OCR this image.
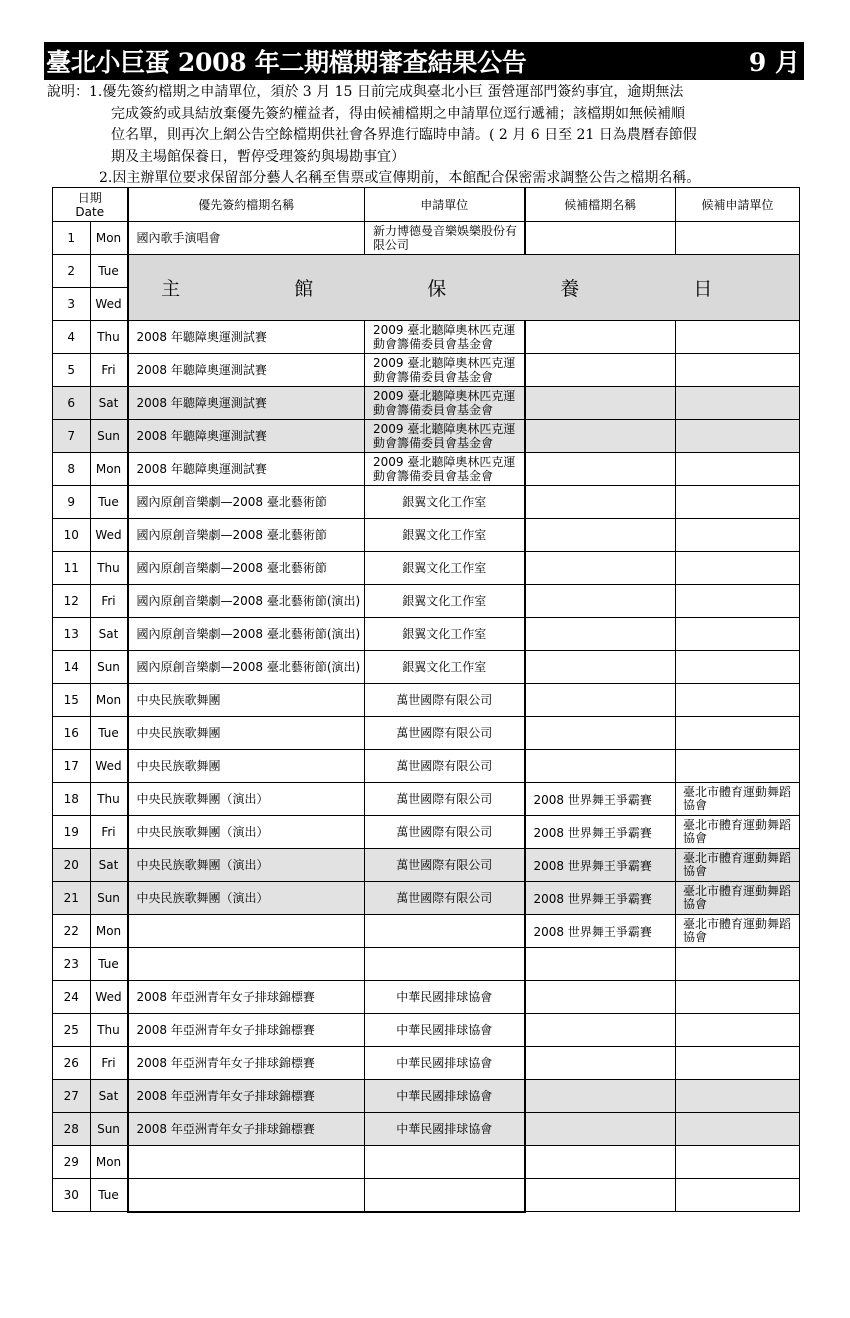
臺北小巨蛋 2008 年二期檔期審查結果公告	9 月
說明：1.優先簽約檔期之申請單位，須於 3 月 15 日前完成與臺北小巨 蛋營運部門簽約事宜，逾期無法
完成簽約或具結放棄優先簽約權益者，得由候補檔期之申請單位逕行遞補；該檔期如無候補順
位名單，則再次上網公告空餘檔期供社會各界進行臨時申請。( 2 月 6 日至 21 日為農曆春節假
期及主場館保養日，暫停受理簽約與場勘事宜）
2.因主辦單位要求保留部分藝人名稱至售票或宣傳期前，本館配合保密需求調整公告之檔期名稱。
日期
Date		優先簽約檔期名稱	申請單位	候補檔期名稱	候補申請單位
1	Mon	國內歌手演唱會	新力博德曼音樂娛樂股份有限公司		
2	Tue	主 館 保 養 日			
3	Wed				
4	Thu	2008 年聽障奧運測試賽	2009 臺北聽障奧林匹克運動會籌備委員會基金會		
5	Fri	2008 年聽障奧運測試賽	2009 臺北聽障奧林匹克運動會籌備委員會基金會		
6	Sat	2008 年聽障奧運測試賽	2009 臺北聽障奧林匹克運動會籌備委員會基金會		
7	Sun	2008 年聽障奧運測試賽	2009 臺北聽障奧林匹克運動會籌備委員會基金會		
8	Mon	2008 年聽障奧運測試賽	2009 臺北聽障奧林匹克運動會籌備委員會基金會		
9	Tue	國內原創音樂劇—2008 臺北藝術節	銀翼文化工作室		
10	Wed	國內原創音樂劇—2008 臺北藝術節	銀翼文化工作室		
11	Thu	國內原創音樂劇—2008 臺北藝術節	銀翼文化工作室		
12	Fri	國內原創音樂劇—2008 臺北藝術節(演出)	銀翼文化工作室		
13	Sat	國內原創音樂劇—2008 臺北藝術節(演出)	銀翼文化工作室		
14	Sun	國內原創音樂劇—2008 臺北藝術節(演出)	銀翼文化工作室		
15	Mon	中央民族歌舞團	萬世國際有限公司		
16	Tue	中央民族歌舞團	萬世國際有限公司		
17	Wed	中央民族歌舞團	萬世國際有限公司		
18	Thu	中央民族歌舞團（演出）	萬世國際有限公司	2008 世界舞王爭霸賽	臺北市體育運動舞蹈協會
19	Fri	中央民族歌舞團（演出）	萬世國際有限公司	2008 世界舞王爭霸賽	臺北市體育運動舞蹈協會
20	Sat	中央民族歌舞團（演出）	萬世國際有限公司	2008 世界舞王爭霸賽	臺北市體育運動舞蹈協會
21	Sun	中央民族歌舞團（演出）	萬世國際有限公司	2008 世界舞王爭霸賽	臺北市體育運動舞蹈協會
22	Mon			2008 世界舞王爭霸賽	臺北市體育運動舞蹈協會
23	Tue				
24	Wed	2008 年亞洲青年女子排球錦標賽	中華民國排球協會		
25	Thu	2008 年亞洲青年女子排球錦標賽	中華民國排球協會		
26	Fri	2008 年亞洲青年女子排球錦標賽	中華民國排球協會		
27	Sat	2008 年亞洲青年女子排球錦標賽	中華民國排球協會		
28	Sun	2008 年亞洲青年女子排球錦標賽	中華民國排球協會		
29	Mon				
30	Tue				
